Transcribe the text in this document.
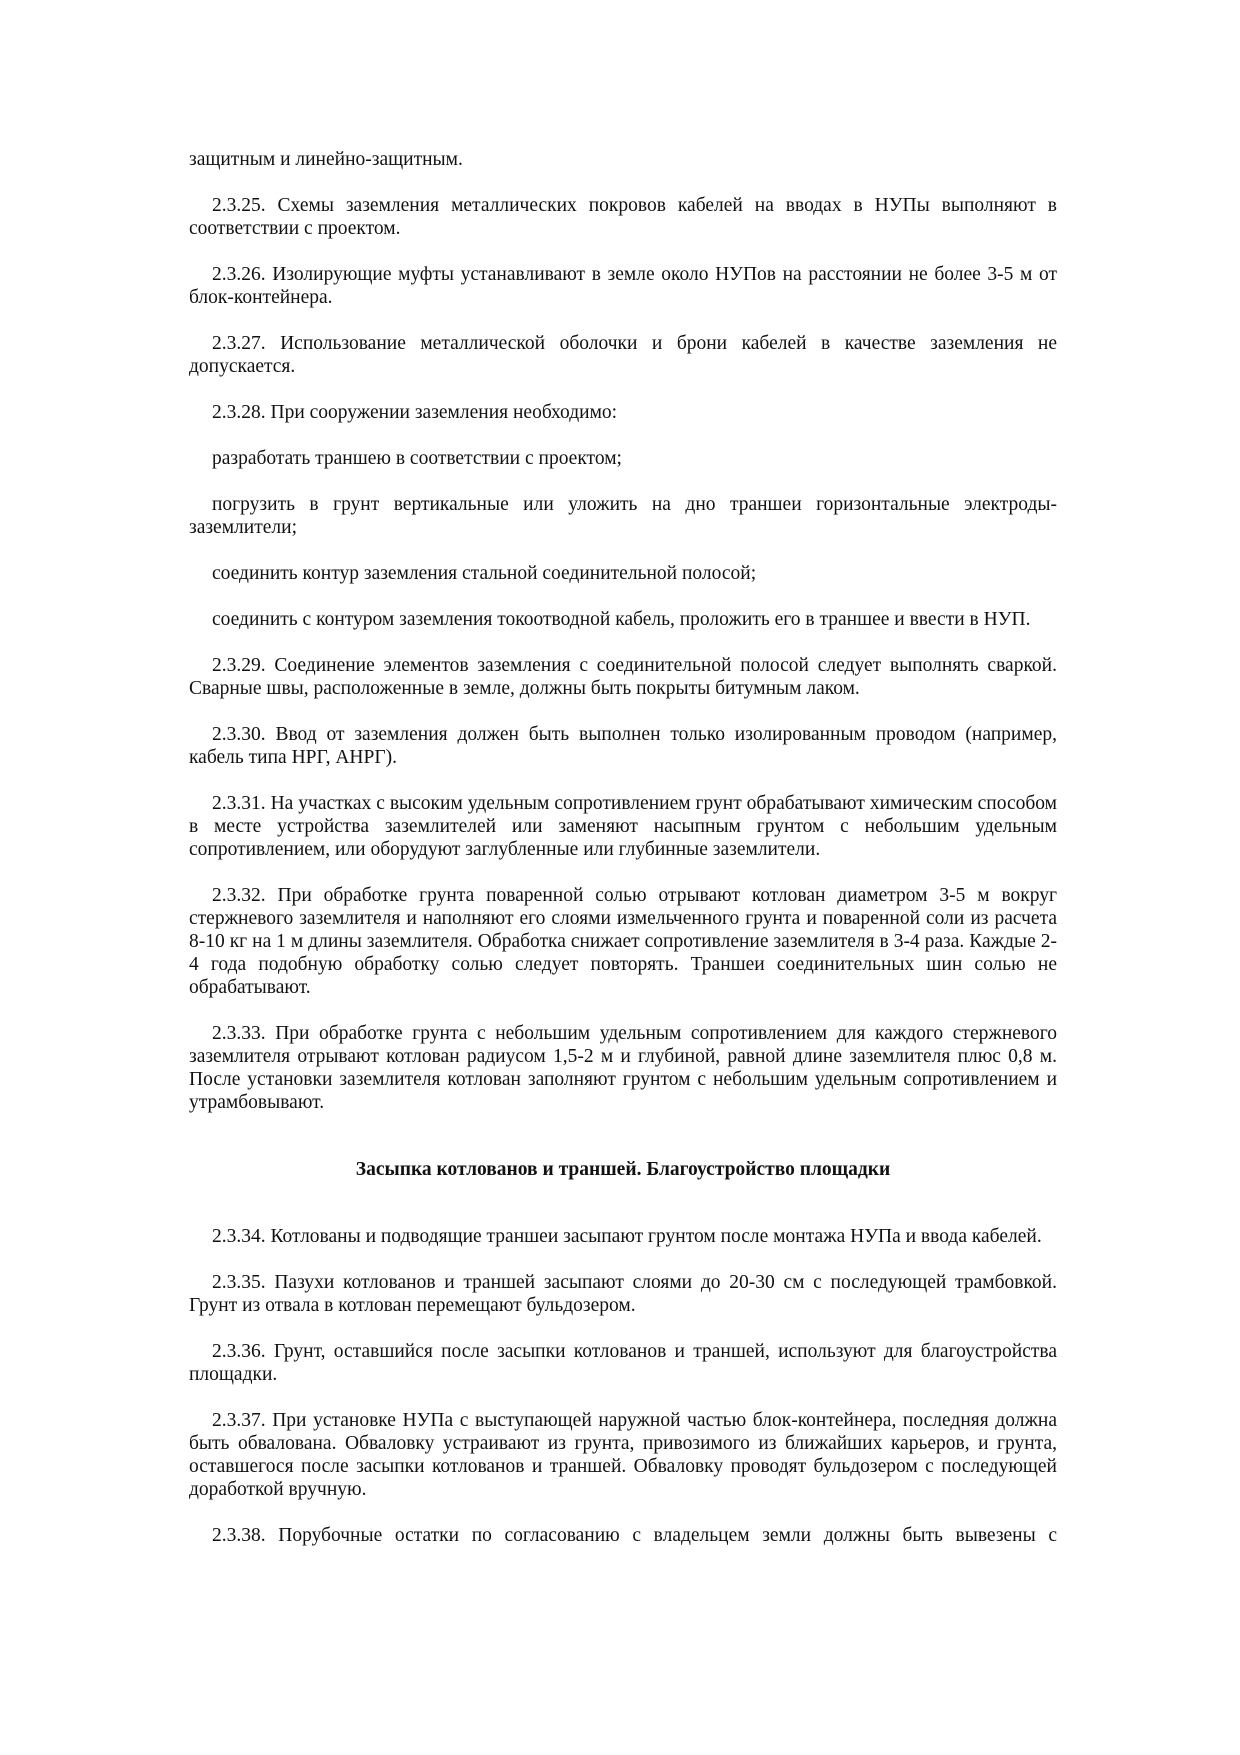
защитным и линейно-защитным.

2.3.25. Схемы заземления металлических покровов кабелей на вводах в НУПы выполняют в соответствии с проектом.

2.3.26. Изолирующие муфты устанавливают в земле около НУПов на расстоянии не более 3-5 м от блок-контейнера.

2.3.27. Использование металлической оболочки и брони кабелей в качестве заземления не допускается.

2.3.28. При сооружении заземления необходимо:

разработать траншею в соответствии с проектом;

погрузить в грунт вертикальные или уложить на дно траншеи горизонтальные электроды-заземлители;

соединить контур заземления стальной соединительной полосой;

соединить с контуром заземления токоотводной кабель, проложить его в траншее и ввести в НУП.

2.3.29. Соединение элементов заземления с соединительной полосой следует выполнять сваркой. Сварные швы, расположенные в земле, должны быть покрыты битумным лаком.

2.3.30. Ввод от заземления должен быть выполнен только изолированным проводом (например, кабель типа НРГ, АНРГ).

2.3.31. На участках с высоким удельным сопротивлением грунт обрабатывают химическим способом в месте устройства заземлителей или заменяют насыпным грунтом с небольшим удельным сопротивлением, или оборудуют заглубленные или глубинные заземлители.

2.3.32. При обработке грунта поваренной солью отрывают котлован диаметром 3-5 м вокруг стержневого заземлителя и наполняют его слоями измельченного грунта и поваренной соли из расчета 8-10 кг на 1 м длины заземлителя. Обработка снижает сопротивление заземлителя в 3-4 раза. Каждые 2-4 года подобную обработку солью следует повторять. Траншеи соединительных шин солью не обрабатывают.

2.3.33. При обработке грунта с небольшим удельным сопротивлением для каждого стержневого заземлителя отрывают котлован радиусом 1,5-2 м и глубиной, равной длине заземлителя плюс 0,8 м. После установки заземлителя котлован заполняют грунтом с небольшим удельным сопротивлением и утрамбовывают.

Засыпка котлованов и траншей. Благоустройство площадки

2.3.34. Котлованы и подводящие траншеи засыпают грунтом после монтажа НУПа и ввода кабелей.

2.3.35. Пазухи котлованов и траншей засыпают слоями до 20-30 см с последующей трамбовкой. Грунт из отвала в котлован перемещают бульдозером.

2.3.36. Грунт, оставшийся после засыпки котлованов и траншей, используют для благоустройства площадки.

2.3.37. При установке НУПа с выступающей наружной частью блок-контейнера, последняя должна быть обвалована. Обваловку устраивают из грунта, привозимого из ближайших карьеров, и грунта, оставшегося после засыпки котлованов и траншей. Обваловку проводят бульдозером с последующей доработкой вручную.

2.3.38. Порубочные остатки по согласованию с владельцем земли должны быть вывезены с
